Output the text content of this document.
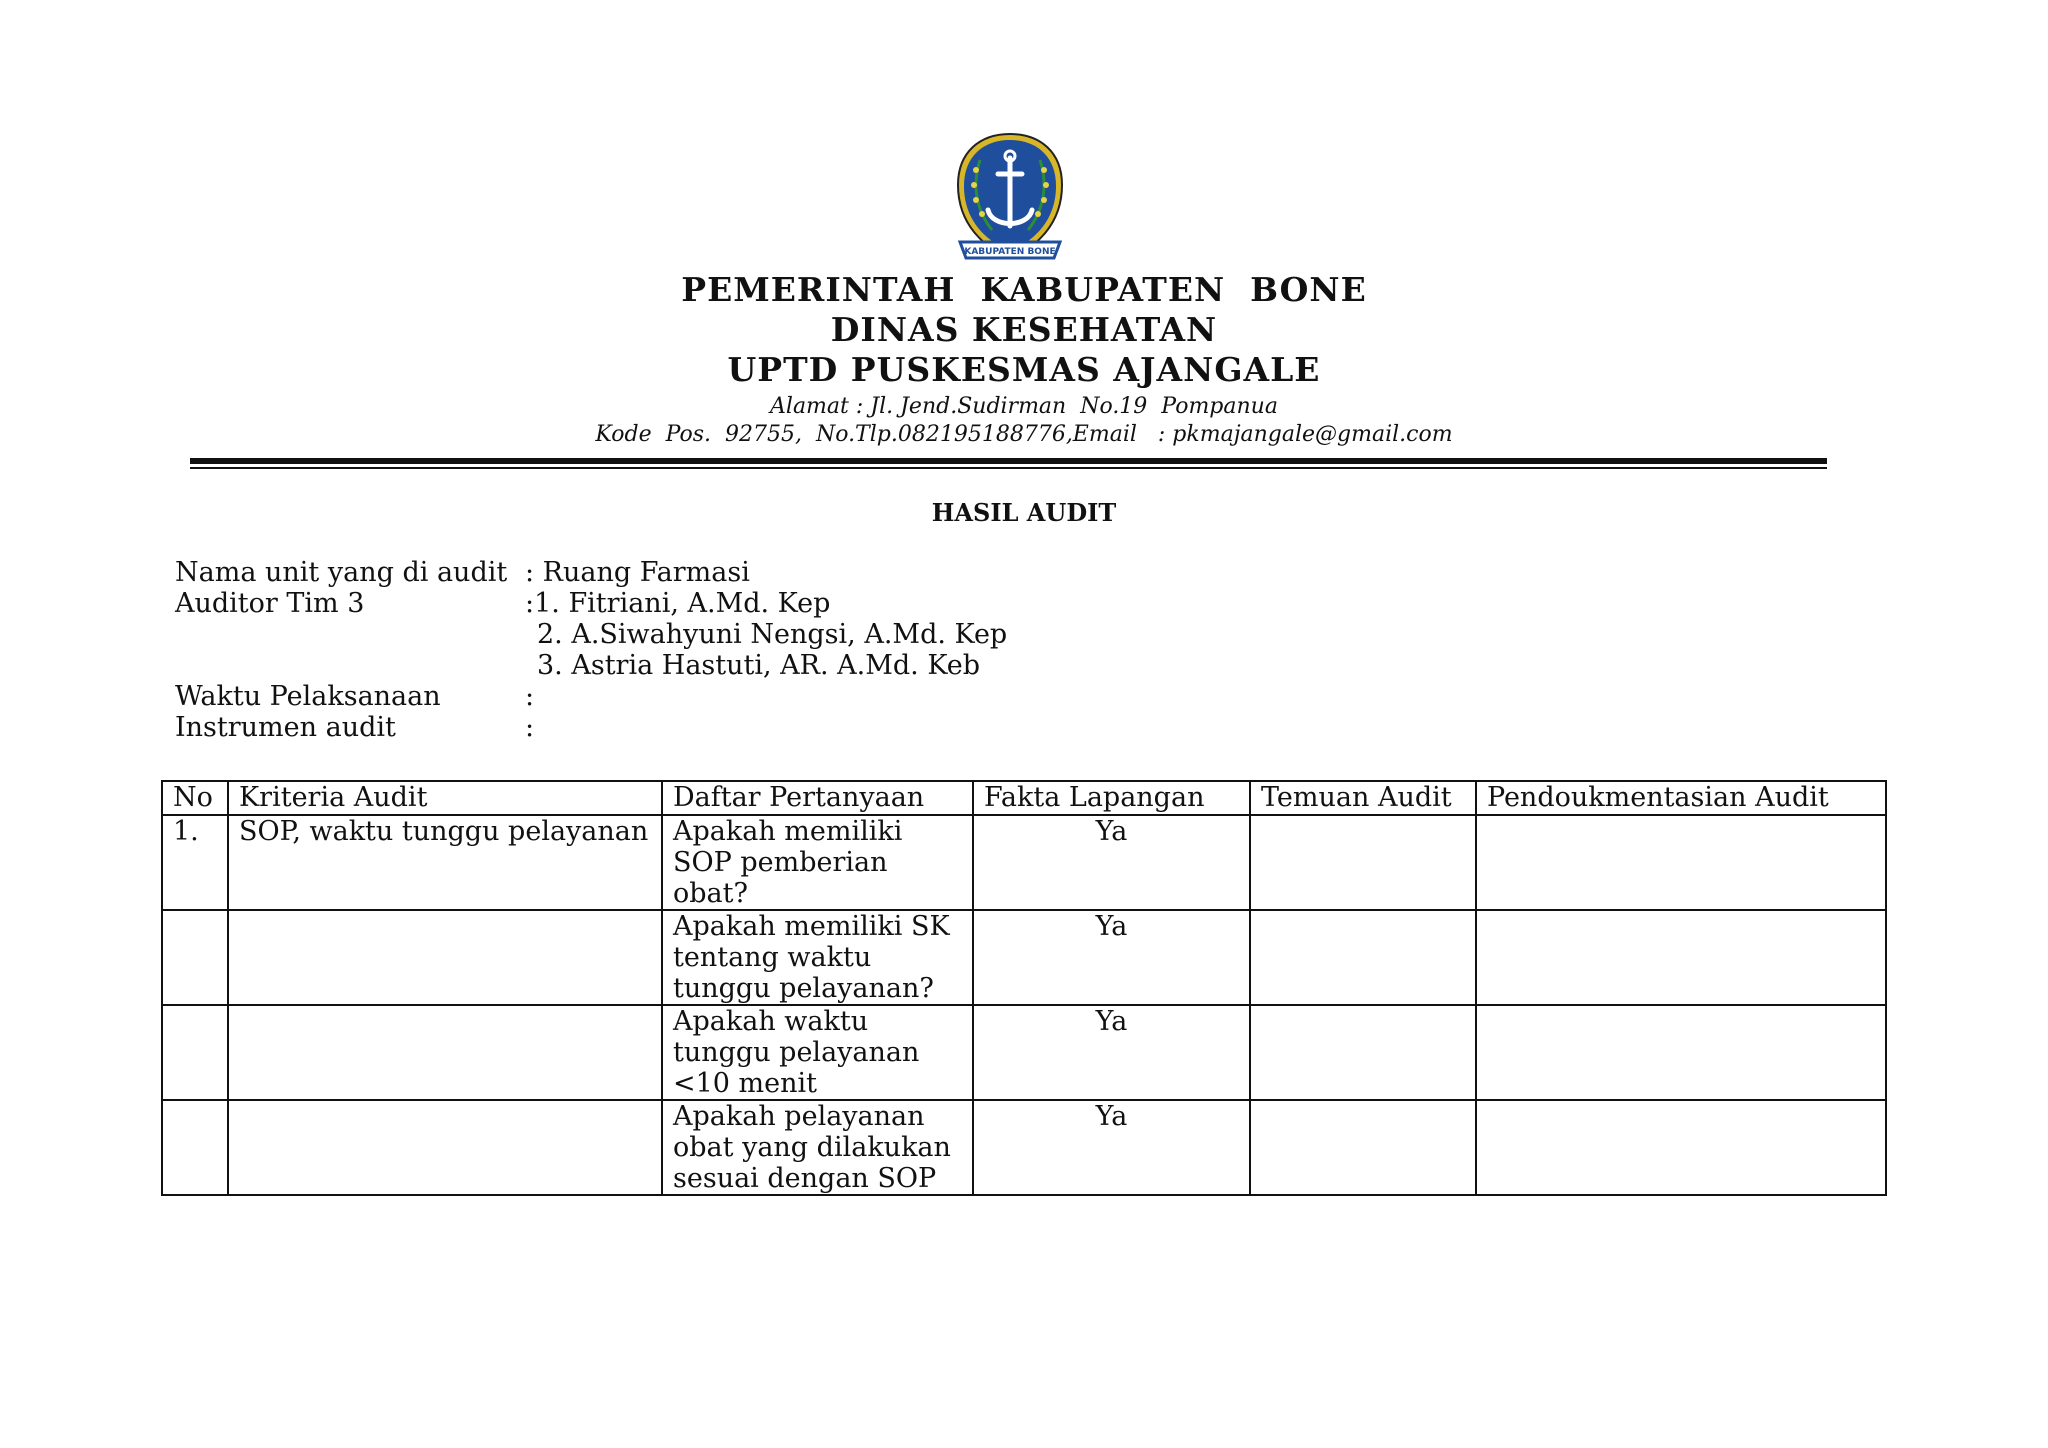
KABUPATEN BONE
PEMERINTAH  KABUPATEN  BONE
DINAS KESEHATAN
UPTD PUSKESMAS AJANGALE
Alamat : Jl. Jend.Sudirman  No.19  Pompanua
Kode  Pos.  92755,  No.Tlp.082195188776,Email   : pkmajangale@gmail.com
HASIL AUDIT
Nama unit yang di audit : Ruang Farmasi
Auditor Tim 3	:1. Fitriani, A.Md. Kep
2. A.Siwahyuni Nengsi, A.Md. Kep
3. Astria Hastuti, AR. A.Md. Keb
Waktu Pelaksanaan	:
Instrumen audit	:
No	Kriteria Audit	Daftar Pertanyaan	Fakta Lapangan	Temuan Audit	Pendoukmentasian Audit
1.	SOP, waktu tunggu pelayanan	Apakah memiliki SOP pemberian obat?	Ya		
		Apakah memiliki SK tentang waktu tunggu pelayanan?	Ya		
		Apakah waktu tunggu pelayanan <10 menit	Ya		
		Apakah pelayanan obat yang dilakukan sesuai dengan SOP	Ya		
